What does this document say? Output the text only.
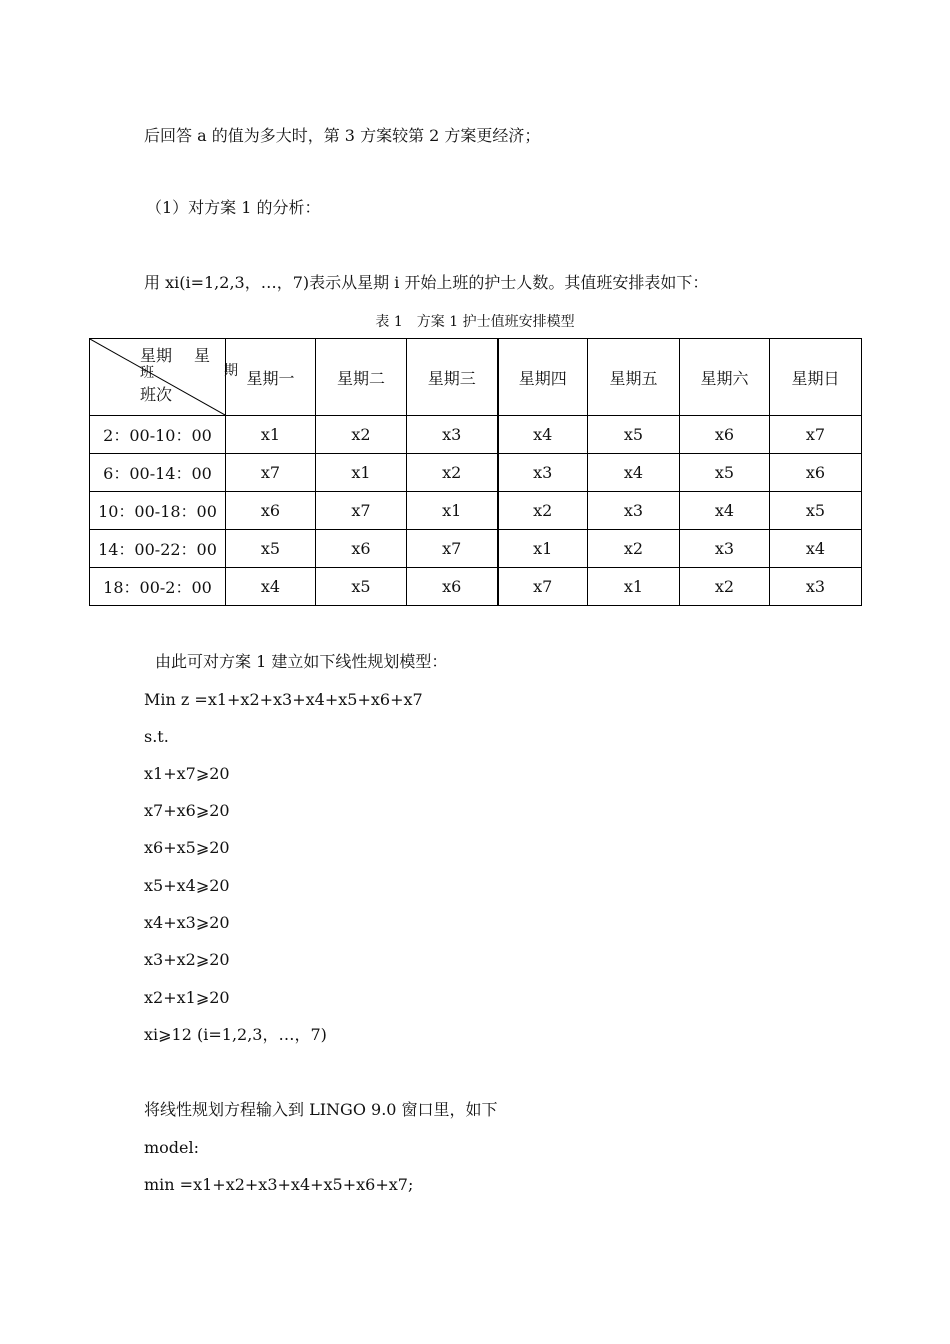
后回答 a 的值为多大时，第 3 方案较第 2 方案更经济；
（1）对方案 1 的分析：
用 xi(i=1,2,3，…，7)表示从星期 i 开始上班的护士人数。其值班安排表如下：
表 1　方案 1 护士值班安排模型
星期 星
期
班
班次	星期一	星期二	星期三	星期四	星期五	星期六	星期日
2：00-10：00	x1	x2	x3	x4	x5	x6	x7
6：00-14：00	x7	x1	x2	x3	x4	x5	x6
10：00-18：00	x6	x7	x1	x2	x3	x4	x5
14：00-22：00	x5	x6	x7	x1	x2	x3	x4
18：00-2：00	x4	x5	x6	x7	x1	x2	x3
由此可对方案 1 建立如下线性规划模型：
Min z =x1+x2+x3+x4+x5+x6+x7
s.t.
x1+x7⩾20
x7+x6⩾20
x6+x5⩾20
x5+x4⩾20
x4+x3⩾20
x3+x2⩾20
x2+x1⩾20
xi⩾12 (i=1,2,3，…，7)
将线性规划方程输入到 LINGO 9.0 窗口里，如下
model:
min =x1+x2+x3+x4+x5+x6+x7;
